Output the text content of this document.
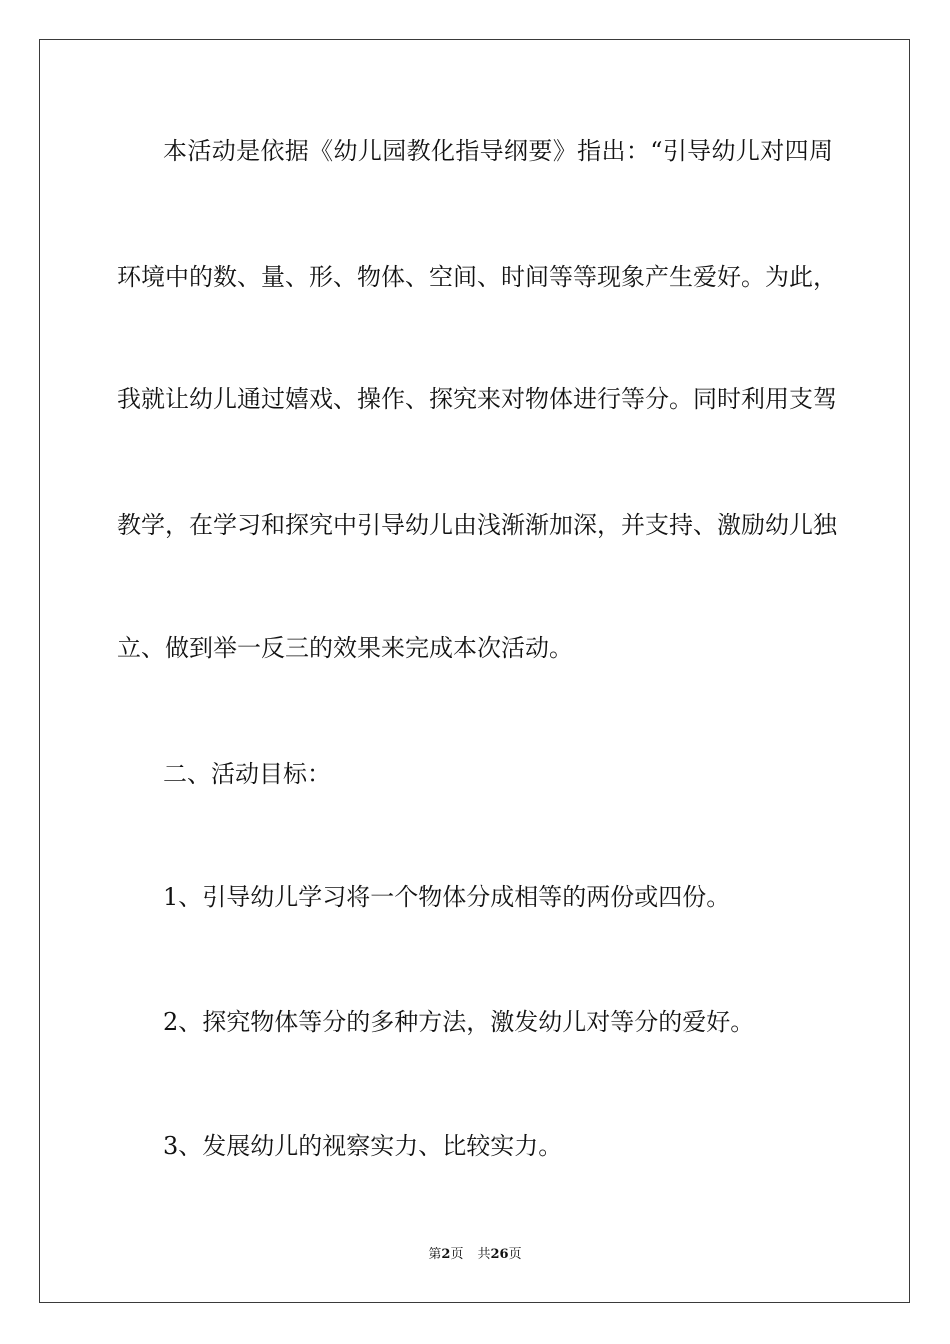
本活动是依据《幼儿园教化指导纲要》指出：“引导幼儿对四周
环境中的数、量、形、物体、空间、时间等等现象产生爱好。为此，
我就让幼儿通过嬉戏、操作、探究来对物体进行等分。同时利用支驾
教学，在学习和探究中引导幼儿由浅渐渐加深，并支持、激励幼儿独
立、做到举一反三的效果来完成本次活动。
二、活动目标：
1、引导幼儿学习将一个物体分成相等的两份或四份。
2、探究物体等分的多种方法，激发幼儿对等分的爱好。
3、发展幼儿的视察实力、比较实力。
第2页 共26页
